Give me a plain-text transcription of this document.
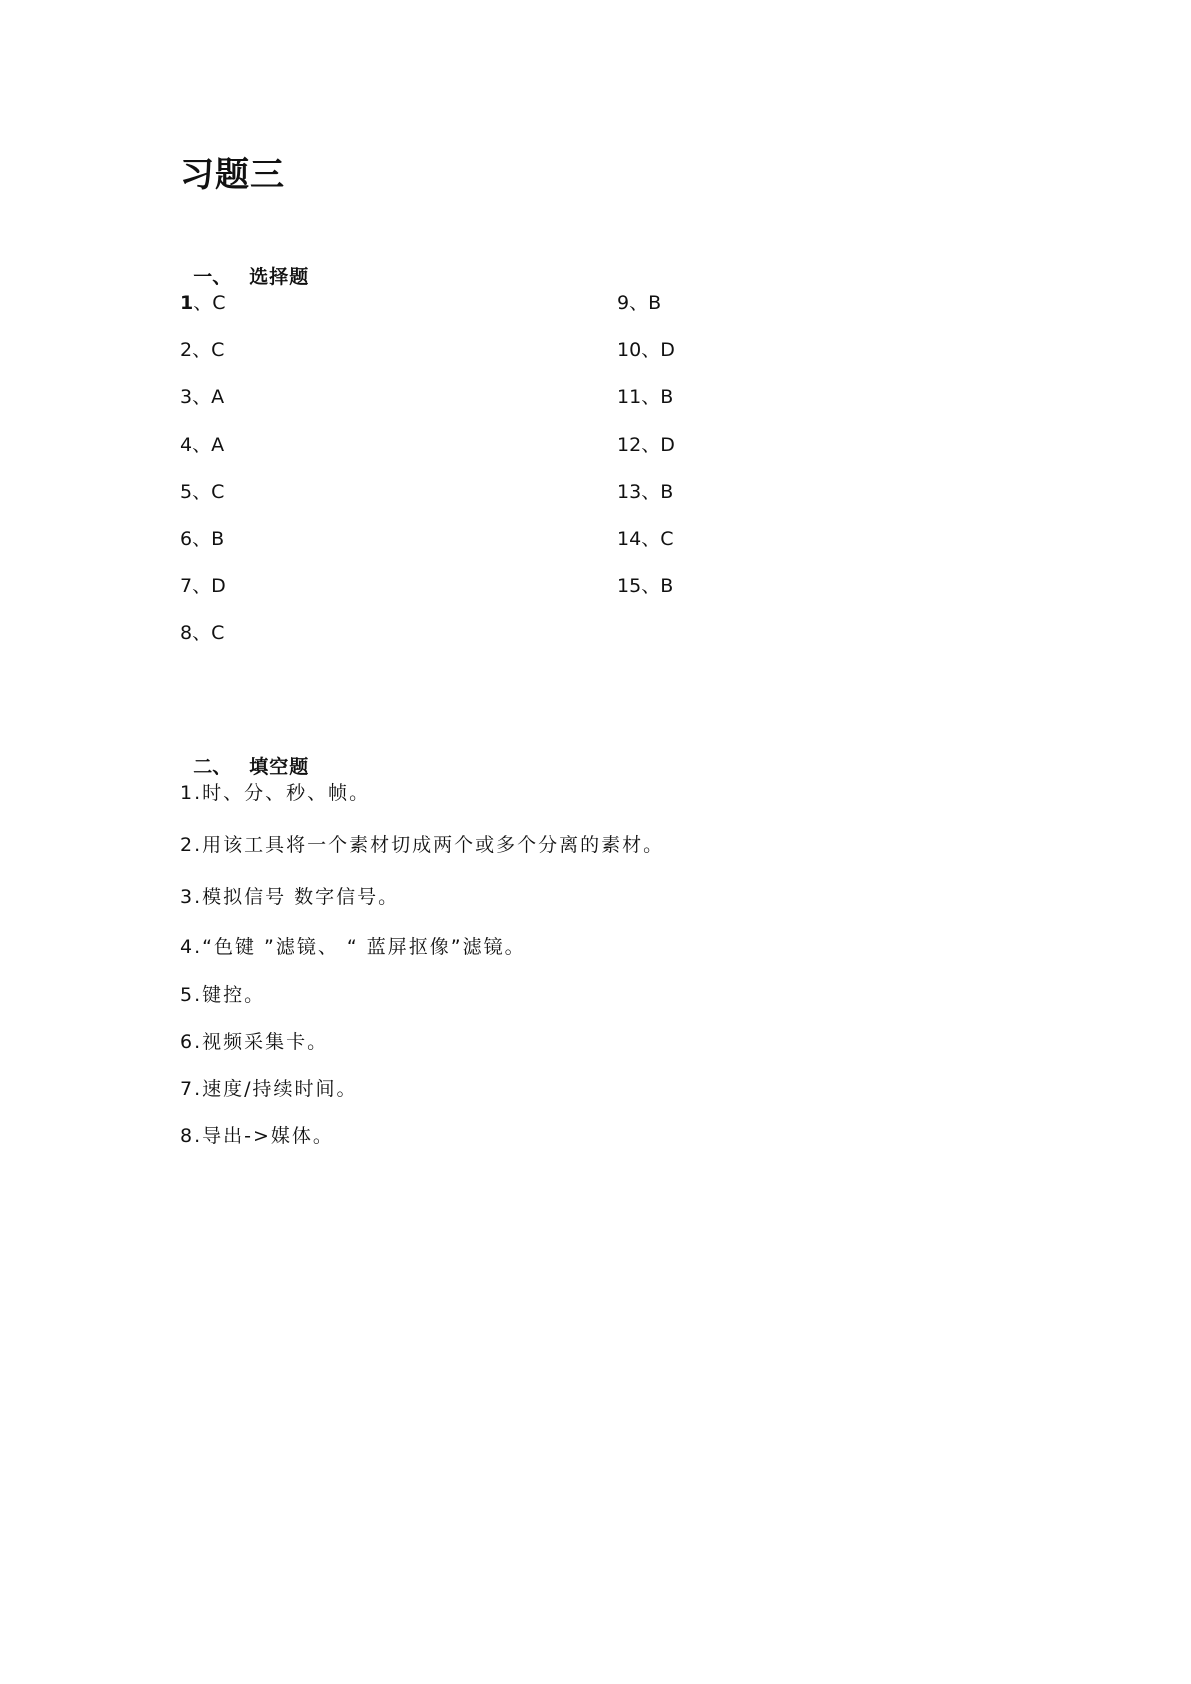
习题三

一、 选择题

1、C
2、C
3、A
4、A
5、C
6、B
7、D
8、C
9、B
10、D
11、B
12、D
13、B
14、C
15、B

二、 填空题

1.时、分、秒、帧。
2.用该工具将一个素材切成两个或多个分离的素材。
3.模拟信号 数字信号。
4.“色键 ”滤镜、 “ 蓝屏抠像”滤镜。
5.键控。
6.视频采集卡。
7.速度/持续时间。
8.导出->媒体。
